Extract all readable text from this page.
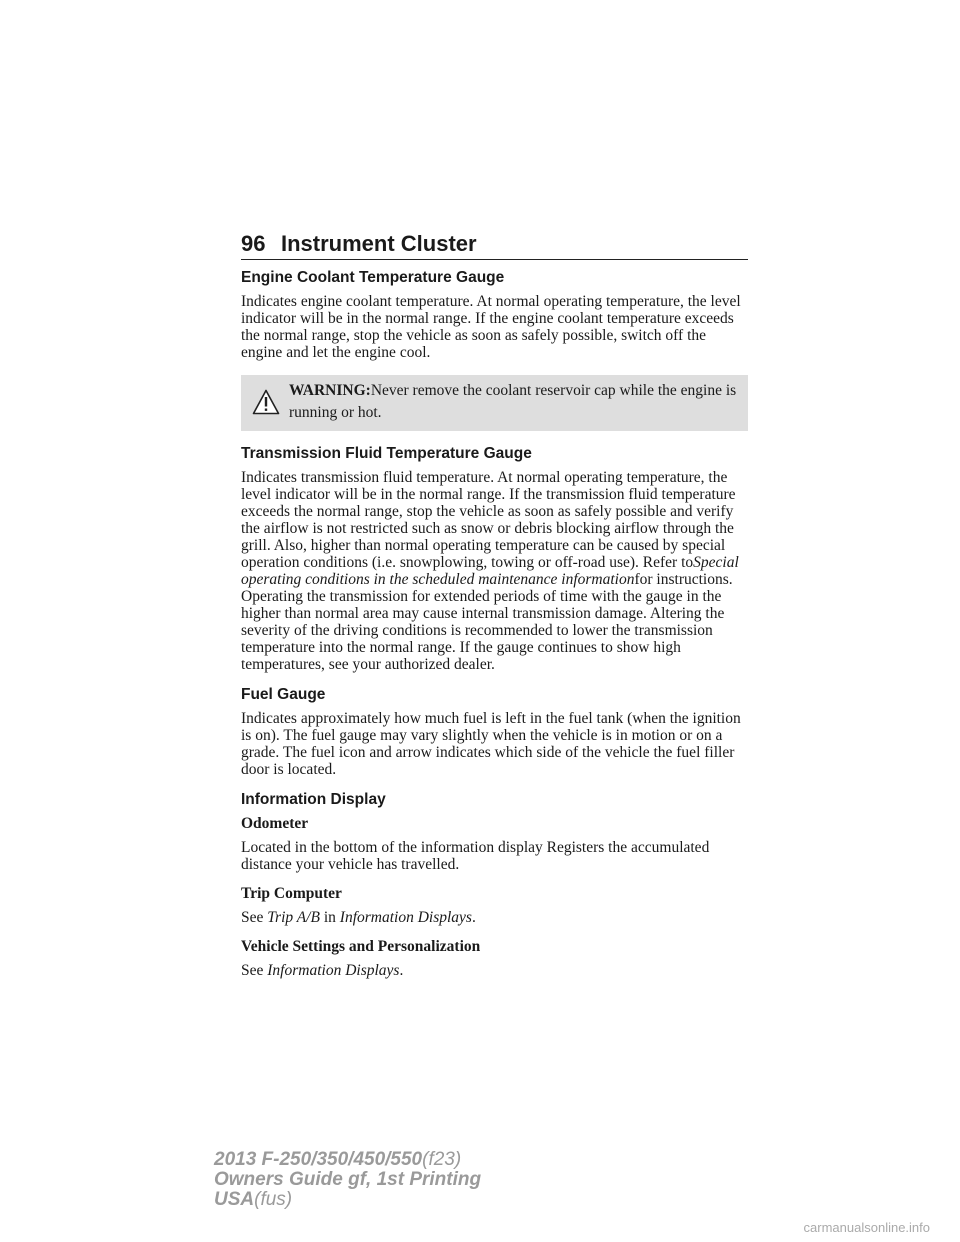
96 Instrument Cluster
Engine Coolant Temperature Gauge
Indicates engine coolant temperature. At normal operating temperature, the level indicator will be in the normal range. If the engine coolant temperature exceeds the normal range, stop the vehicle as soon as safely possible, switch off the engine and let the engine cool.
WARNING:Never remove the coolant reservoir cap while the engine is running or hot.
Transmission Fluid Temperature Gauge
Indicates transmission fluid temperature. At normal operating temperature, the level indicator will be in the normal range. If the transmission fluid temperature exceeds the normal range, stop the vehicle as soon as safely possible and verify the airflow is not restricted such as snow or debris blocking airflow through the grill. Also, higher than normal operating temperature can be caused by special operation conditions (i.e. snowplowing, towing or off-road use). Refer toSpecial operating conditions in the scheduled maintenance informationfor instructions. Operating the transmission for extended periods of time with the gauge in the higher than normal area may cause internal transmission damage. Altering the severity of the driving conditions is recommended to lower the transmission temperature into the normal range. If the gauge continues to show high temperatures, see your authorized dealer.
Fuel Gauge
Indicates approximately how much fuel is left in the fuel tank (when the ignition is on). The fuel gauge may vary slightly when the vehicle is in motion or on a grade. The fuel icon and arrow indicates which side of the vehicle the fuel filler door is located.
Information Display
Odometer
Located in the bottom of the information display Registers the accumulated distance your vehicle has travelled.
Trip Computer
See Trip A/B in Information Displays.
Vehicle Settings and Personalization
See Information Displays.
2013 F-250/350/450/550(f23)
Owners Guide gf, 1st Printing
USA(fus)
carmanualsonline.info
